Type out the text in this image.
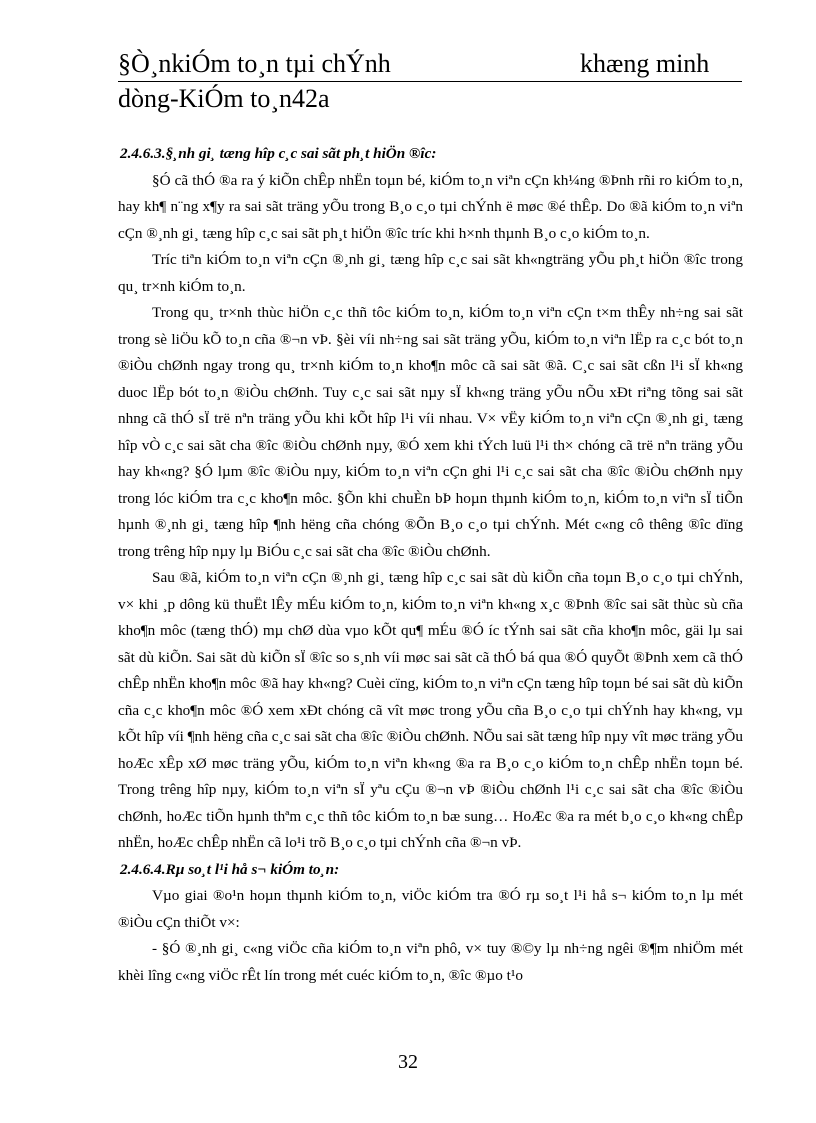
§Ò¸nkiÓm to¸n tµi chÝnh	khæng minh
dòng-KiÓm to¸n42a
2.4.6.3.§¸nh gi¸ tæng hîp c¸c sai sãt ph¸t hiÖn ®îc:

§Ó cã thÓ ®a ra ý kiÕn chÊp nhËn toµn bé, kiÓm to¸n viªn cÇn kh¼ng ®Þnh rñi ro kiÓm to¸n, hay kh¶ n¨ng x¶y ra sai sãt träng yÕu trong B¸o c¸o tµi chÝnh ë møc ®é thÊp. Do ®ã kiÓm to¸n viªn cÇn ®¸nh gi¸ tæng hîp c¸c sai sãt ph¸t hiÖn ®îc tríc khi h×nh thµnh B¸o c¸o kiÓm to¸n.

Tríc tiªn kiÓm to¸n viªn cÇn ®¸nh gi¸ tæng hîp c¸c sai sãt kh«ngträng yÕu ph¸t hiÖn ®îc trong qu¸ tr×nh kiÓm to¸n.

Trong qu¸ tr×nh thùc hiÖn c¸c thñ tôc kiÓm to¸n, kiÓm to¸n viªn cÇn t×m thÊy nh÷ng sai sãt trong sè liÖu kÕ to¸n cña ®¬n vÞ. §èi víi nh÷ng sai sãt träng yÕu, kiÓm to¸n viªn lËp ra c¸c bót to¸n ®iÒu chØnh ngay trong qu¸ tr×nh kiÓm to¸n kho¶n môc cã sai sãt ®ã. C¸c sai sãt cßn l¹i sÏ kh«ng duoc lËp bót to¸n ®iÒu chØnh. Tuy c¸c sai sãt nµy sÏ kh«ng träng yÕu nÕu xÐt riªng tõng sai sãt nhng cã thÓ sÏ trë nªn träng yÕu khi kÕt hîp l¹i víi nhau. V× vËy kiÓm to¸n viªn cÇn ®¸nh gi¸ tæng hîp vÒ c¸c sai sãt cha ®îc ®iÒu chØnh nµy, ®Ó xem khi tÝch luü l¹i th× chóng cã trë nªn träng yÕu hay kh«ng? §Ó lµm ®îc ®iÒu nµy, kiÓm to¸n viªn cÇn ghi l¹i c¸c sai sãt cha ®îc ®iÒu chØnh nµy trong lóc kiÓm tra c¸c kho¶n môc. §Õn khi chuÈn bÞ hoµn thµnh kiÓm to¸n, kiÓm to¸n viªn sÏ tiÕn hµnh ®¸nh gi¸ tæng hîp ¶nh hëng cña chóng ®Õn B¸o c¸o tµi chÝnh. Mét c«ng cô thêng ®îc dïng trong trêng hîp nµy lµ BiÓu c¸c sai sãt cha ®îc ®iÒu chØnh.

Sau ®ã, kiÓm to¸n viªn cÇn ®¸nh gi¸ tæng hîp c¸c sai sãt dù kiÕn cña toµn B¸o c¸o tµi chÝnh, v× khi ¸p dông kü thuËt lÊy mÉu kiÓm to¸n, kiÓm to¸n viªn kh«ng x¸c ®Þnh ®îc sai sãt thùc sù cña kho¶n môc (tæng thÓ) mµ chØ dùa vµo kÕt qu¶ mÉu ®Ó íc tÝnh sai sãt cña kho¶n môc, gäi lµ sai sãt dù kiÕn. Sai sãt dù kiÕn sÏ ®îc so s¸nh víi møc sai sãt cã thÓ bá qua ®Ó quyÕt ®Þnh xem cã thÓ chÊp nhËn kho¶n môc ®ã hay kh«ng? Cuèi cïng, kiÓm to¸n viªn cÇn tæng hîp toµn bé sai sãt dù kiÕn cña c¸c kho¶n môc ®Ó xem xÐt chóng cã vît møc trong yÕu cña B¸o c¸o tµi chÝnh hay kh«ng, vµ kÕt hîp víi ¶nh hëng cña c¸c sai sãt cha ®îc ®iÒu chØnh. NÕu sai sãt tæng hîp nµy vît møc träng yÕu hoÆc xÊp xØ møc träng yÕu, kiÓm to¸n viªn kh«ng ®a ra B¸o c¸o kiÓm to¸n chÊp nhËn toµn bé. Trong trêng hîp nµy, kiÓm to¸n viªn sÏ yªu cÇu ®¬n vÞ ®iÒu chØnh l¹i c¸c sai sãt cha ®îc ®iÒu chØnh, hoÆc tiÕn hµnh thªm c¸c thñ tôc kiÓm to¸n bæ sung… HoÆc ®a ra mét b¸o c¸o kh«ng chÊp nhËn, hoÆc chÊp nhËn cã lo¹i trõ B¸o c¸o tµi chÝnh cña ®¬n vÞ.

2.4.6.4.Rµ so¸t l¹i hå s¬ kiÓm to¸n:

Vµo giai ®o¹n hoµn thµnh kiÓm to¸n, viÖc kiÓm tra ®Ó rµ so¸t l¹i hå s¬ kiÓm to¸n lµ mét ®iÒu cÇn thiÕt v×:

- §Ó ®¸nh gi¸ c«ng viÖc cña kiÓm to¸n viªn phô, v× tuy ®©y lµ nh÷ng ngêi ®¶m nhiÖm mét khèi lîng c«ng viÖc rÊt lín trong mét cuéc kiÓm to¸n, ®îc ®µo t¹o

32
